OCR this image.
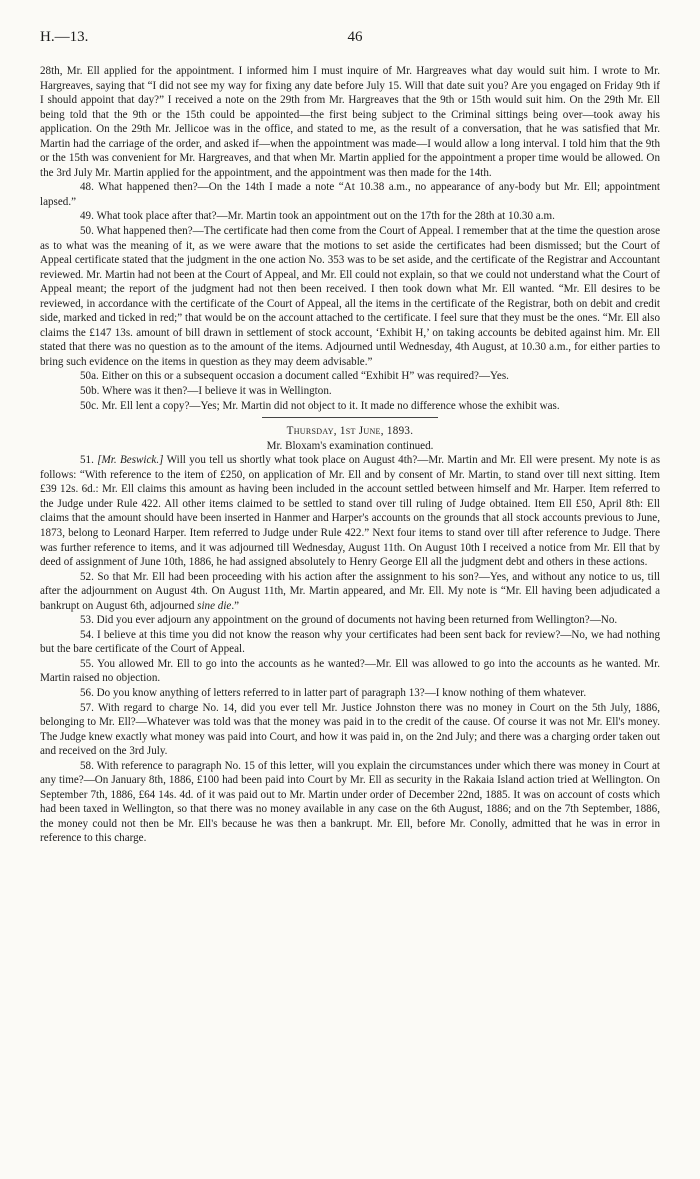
H.—13.	46

28th, Mr. Ell applied for the appointment. I informed him I must inquire of Mr. Hargreaves what day would suit him. I wrote to Mr. Hargreaves, saying that “I did not see my way for fixing any date before July 15. Will that date suit you? Are you engaged on Friday 9th if I should appoint that day?” I received a note on the 29th from Mr. Hargreaves that the 9th or 15th would suit him. On the 29th Mr. Ell being told that the 9th or the 15th could be appointed—the first being subject to the Criminal sittings being over—took away his application. On the 29th Mr. Jellicoe was in the office, and stated to me, as the result of a conversation, that he was satisfied that Mr. Martin had the carriage of the order, and asked if—when the appointment was made—I would allow a long interval. I told him that the 9th or the 15th was convenient for Mr. Hargreaves, and that when Mr. Martin applied for the appointment a proper time would be allowed. On the 3rd July Mr. Martin applied for the appointment, and the appointment was then made for the 14th.

48. What happened then?—On the 14th I made a note “At 10.38 a.m., no appearance of any-body but Mr. Ell; appointment lapsed.”

49. What took place after that?—Mr. Martin took an appointment out on the 17th for the 28th at 10.30 a.m.

50. What happened then?—The certificate had then come from the Court of Appeal. I remember that at the time the question arose as to what was the meaning of it, as we were aware that the motions to set aside the certificates had been dismissed; but the Court of Appeal certificate stated that the judgment in the one action No. 353 was to be set aside, and the certificate of the Registrar and Accountant reviewed. Mr. Martin had not been at the Court of Appeal, and Mr. Ell could not explain, so that we could not understand what the Court of Appeal meant; the report of the judgment had not then been received. I then took down what Mr. Ell wanted. “Mr. Ell desires to be reviewed, in accordance with the certificate of the Court of Appeal, all the items in the certificate of the Registrar, both on debit and credit side, marked and ticked in red;” that would be on the account attached to the certificate. I feel sure that they must be the ones. “Mr. Ell also claims the £147 13s. amount of bill drawn in settlement of stock account, ‘Exhibit H,’ on taking accounts be debited against him. Mr. Ell stated that there was no question as to the amount of the items. Adjourned until Wednesday, 4th August, at 10.30 a.m., for either parties to bring such evidence on the items in question as they may deem advisable.”

50a. Either on this or a subsequent occasion a document called “Exhibit H” was required?—Yes.

50b. Where was it then?—I believe it was in Wellington.

50c. Mr. Ell lent a copy?—Yes; Mr. Martin did not object to it. It made no difference whose the exhibit was.

Thursday, 1st June, 1893.

Mr. Bloxam's examination continued.

51. [Mr. Beswick.] Will you tell us shortly what took place on August 4th?—Mr. Martin and Mr. Ell were present. My note is as follows: “With reference to the item of £250, on application of Mr. Ell and by consent of Mr. Martin, to stand over till next sitting. Item £39 12s. 6d.: Mr. Ell claims this amount as having been included in the account settled between himself and Mr. Harper. Item referred to the Judge under Rule 422. All other items claimed to be settled to stand over till ruling of Judge obtained. Item Ell £50, April 8th: Ell claims that the amount should have been inserted in Hanmer and Harper's accounts on the grounds that all stock accounts previous to June, 1873, belong to Leonard Harper. Item referred to Judge under Rule 422.” Next four items to stand over till after reference to Judge. There was further reference to items, and it was adjourned till Wednesday, August 11th. On August 10th I received a notice from Mr. Ell that by deed of assignment of June 10th, 1886, he had assigned absolutely to Henry George Ell all the judgment debt and others in these actions.

52. So that Mr. Ell had been proceeding with his action after the assignment to his son?—Yes, and without any notice to us, till after the adjournment on August 4th. On August 11th, Mr. Martin appeared, and Mr. Ell. My note is “Mr. Ell having been adjudicated a bankrupt on August 6th, adjourned sine die.”

53. Did you ever adjourn any appointment on the ground of documents not having been returned from Wellington?—No.

54. I believe at this time you did not know the reason why your certificates had been sent back for review?—No, we had nothing but the bare certificate of the Court of Appeal.

55. You allowed Mr. Ell to go into the accounts as he wanted?—Mr. Ell was allowed to go into the accounts as he wanted. Mr. Martin raised no objection.

56. Do you know anything of letters referred to in latter part of paragraph 13?—I know nothing of them whatever.

57. With regard to charge No. 14, did you ever tell Mr. Justice Johnston there was no money in Court on the 5th July, 1886, belonging to Mr. Ell?—Whatever was told was that the money was paid in to the credit of the cause. Of course it was not Mr. Ell's money. The Judge knew exactly what money was paid into Court, and how it was paid in, on the 2nd July; and there was a charging order taken out and received on the 3rd July.

58. With reference to paragraph No. 15 of this letter, will you explain the circumstances under which there was money in Court at any time?—On January 8th, 1886, £100 had been paid into Court by Mr. Ell as security in the Rakaia Island action tried at Wellington. On September 7th, 1886, £64 14s. 4d. of it was paid out to Mr. Martin under order of December 22nd, 1885. It was on account of costs which had been taxed in Wellington, so that there was no money available in any case on the 6th August, 1886; and on the 7th September, 1886, the money could not then be Mr. Ell's because he was then a bankrupt. Mr. Ell, before Mr. Conolly, admitted that he was in error in reference to this charge.
